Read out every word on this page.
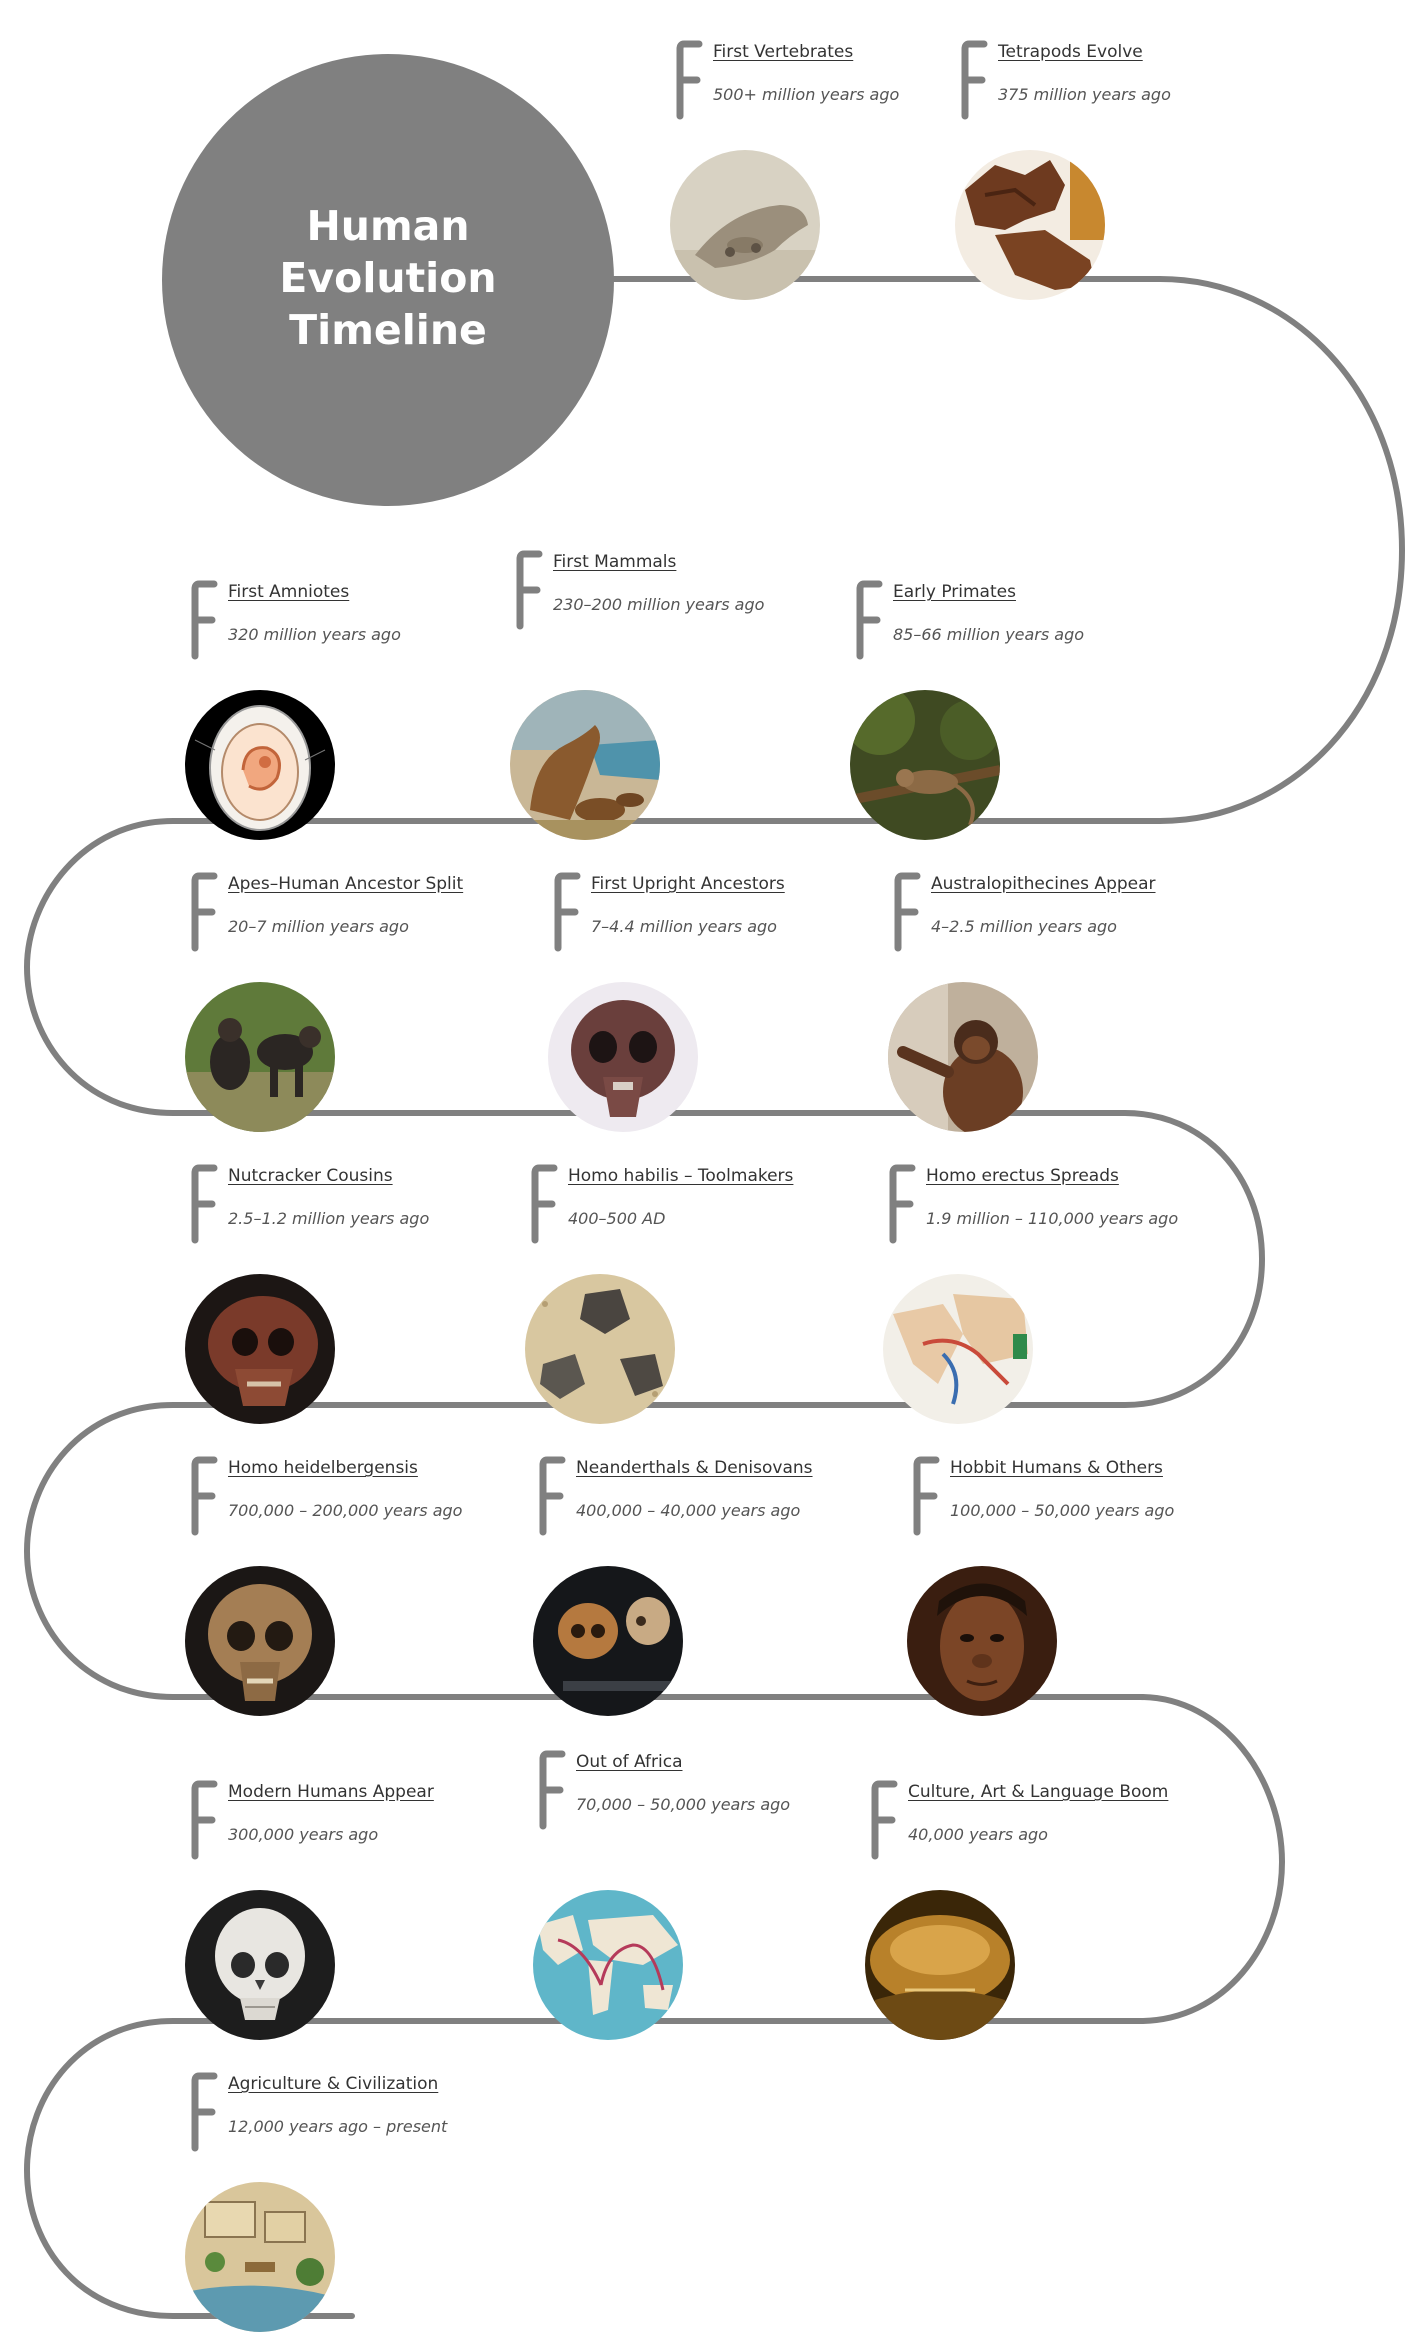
Human Evolution Timeline
First Vertebrates
500+ million years ago
Tetrapods Evolve
375 million years ago
First Amniotes
320 million years ago
First Mammals
230–200 million years ago
Early Primates
85–66 million years ago
Apes–Human Ancestor Split
20–7 million years ago
First Upright Ancestors
7–4.4 million years ago
Australopithecines Appear
4–2.5 million years ago
Nutcracker Cousins
2.5–1.2 million years ago
Homo habilis – Toolmakers
400–500 AD
Homo erectus Spreads
1.9 million – 110,000 years ago
Homo heidelbergensis
700,000 – 200,000 years ago
Neanderthals & Denisovans
400,000 – 40,000 years ago
Hobbit Humans & Others
100,000 – 50,000 years ago
Modern Humans Appear
300,000 years ago
Out of Africa
70,000 – 50,000 years ago
Culture, Art & Language Boom
40,000 years ago
Agriculture & Civilization
12,000 years ago – present
